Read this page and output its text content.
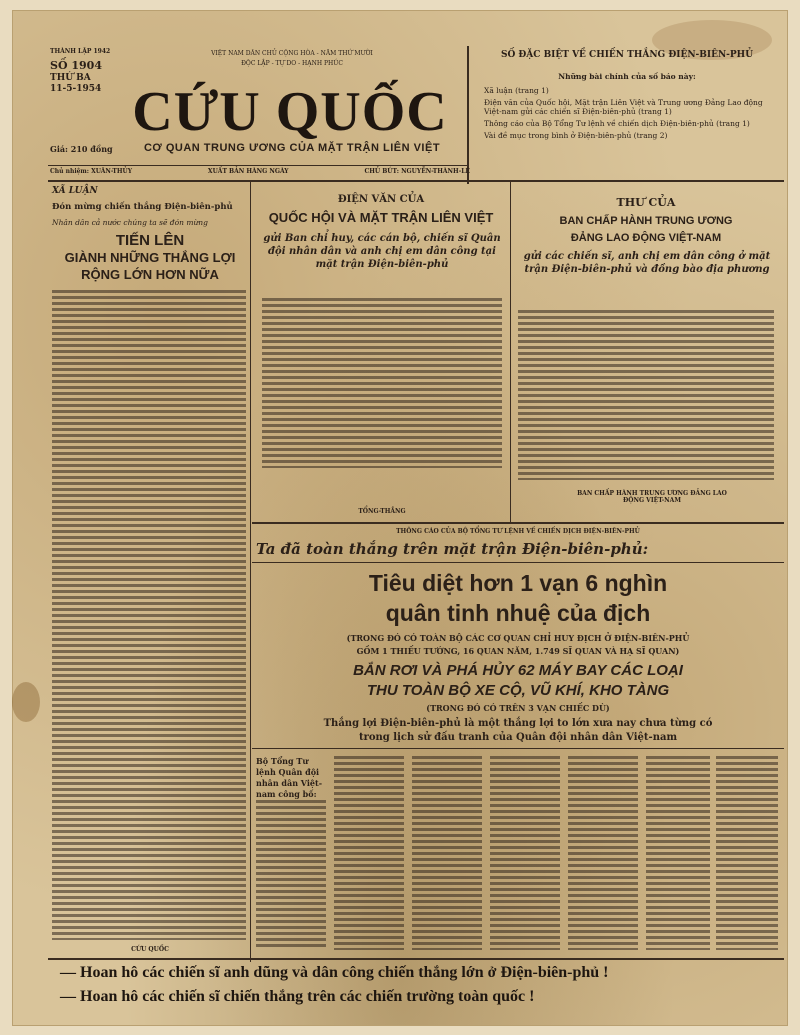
THÀNH LẬP 1942
SỐ 1904
THỨ BA
11-5-1954
VIỆT NAM DÂN CHỦ CỘNG HÒA - NĂM THỨ MƯỜI
ĐỘC LẬP - TỰ DO - HẠNH PHÚC
CỨU QUỐC
Giá: 210 đồng	CƠ QUAN TRUNG ƯƠNG CỦA MẶT TRẬN LIÊN VIỆT
SỐ ĐẶC BIỆT VỀ CHIẾN THẮNG ĐIỆN-BIÊN-PHỦ
Những bài chính của số báo này:
Xã luận (trang 1)
Điện văn của Quốc hội, Mặt trận Liên Việt và Trung ương Đảng Lao động Việt-nam gửi các chiến sĩ Điện-biên-phủ (trang 1)
Thông cáo của Bộ Tổng Tư lệnh về chiến dịch Điện-biên-phủ (trang 1)
Vài đề mục trong bình ở Điện-biên-phủ (trang 2)
Chủ nhiệm: XUÂN-THỦY	XUẤT BẢN HÀNG NGÀY	CHỦ BÚT: NGUYỄN-THÀNH-LÊ
XÃ LUẬN
Đón mừng chiến thắng Điện-biên-phủ
Nhân dân cả nước chúng ta sẽ đón mừng
TIẾN LÊN
GIÀNH NHỮNG THẮNG LỢI
RỘNG LỚN HƠN NỮA
CỨU QUỐC
ĐIỆN VĂN CỦA
QUỐC HỘI VÀ MẶT TRẬN LIÊN VIỆT
gửi Ban chỉ huy, các cán bộ, chiến sĩ Quân đội nhân dân và anh chị em dân công tại mặt trận Điện-biên-phủ
TỔNG-THẮNG
THƯ CỦA
BAN CHẤP HÀNH TRUNG ƯƠNG
ĐẢNG LAO ĐỘNG VIỆT-NAM
gửi các chiến sĩ, anh chị em dân công ở mặt trận Điện-biên-phủ và đồng bào địa phương
BAN CHẤP HÀNH TRUNG ƯƠNG ĐẢNG LAO ĐỘNG VIỆT-NAM
THÔNG CÁO CỦA BỘ TỔNG TƯ LỆNH VỀ CHIẾN DỊCH ĐIỆN-BIÊN-PHỦ
Ta đã toàn thắng trên mặt trận Điện-biên-phủ:
Tiêu diệt hơn 1 vạn 6 nghìn
quân tinh nhuệ của địch
(TRONG ĐÓ CÓ TOÀN BỘ CÁC CƠ QUAN CHỈ HUY ĐỊCH Ở ĐIỆN-BIÊN-PHỦ
GỒM 1 THIẾU TƯỚNG, 16 QUAN NĂM, 1.749 SĨ QUAN VÀ HẠ SĨ QUAN)
BẮN RƠI VÀ PHÁ HỦY 62 MÁY BAY CÁC LOẠI
THU TOÀN BỘ XE CỘ, VŨ KHÍ, KHO TÀNG
(TRONG ĐÓ CÓ TRÊN 3 VẠN CHIẾC DÙ)
Thắng lợi Điện-biên-phủ là một thắng lợi to lớn xưa nay chưa từng có
trong lịch sử đấu tranh của Quân đội nhân dân Việt-nam
Bộ Tổng Tư lệnh Quân đội nhân dân Việt-nam công bố:
— Hoan hô các chiến sĩ anh dũng và dân công chiến thắng lớn ở Điện-biên-phủ !
— Hoan hô các chiến sĩ chiến thắng trên các chiến trường toàn quốc !
